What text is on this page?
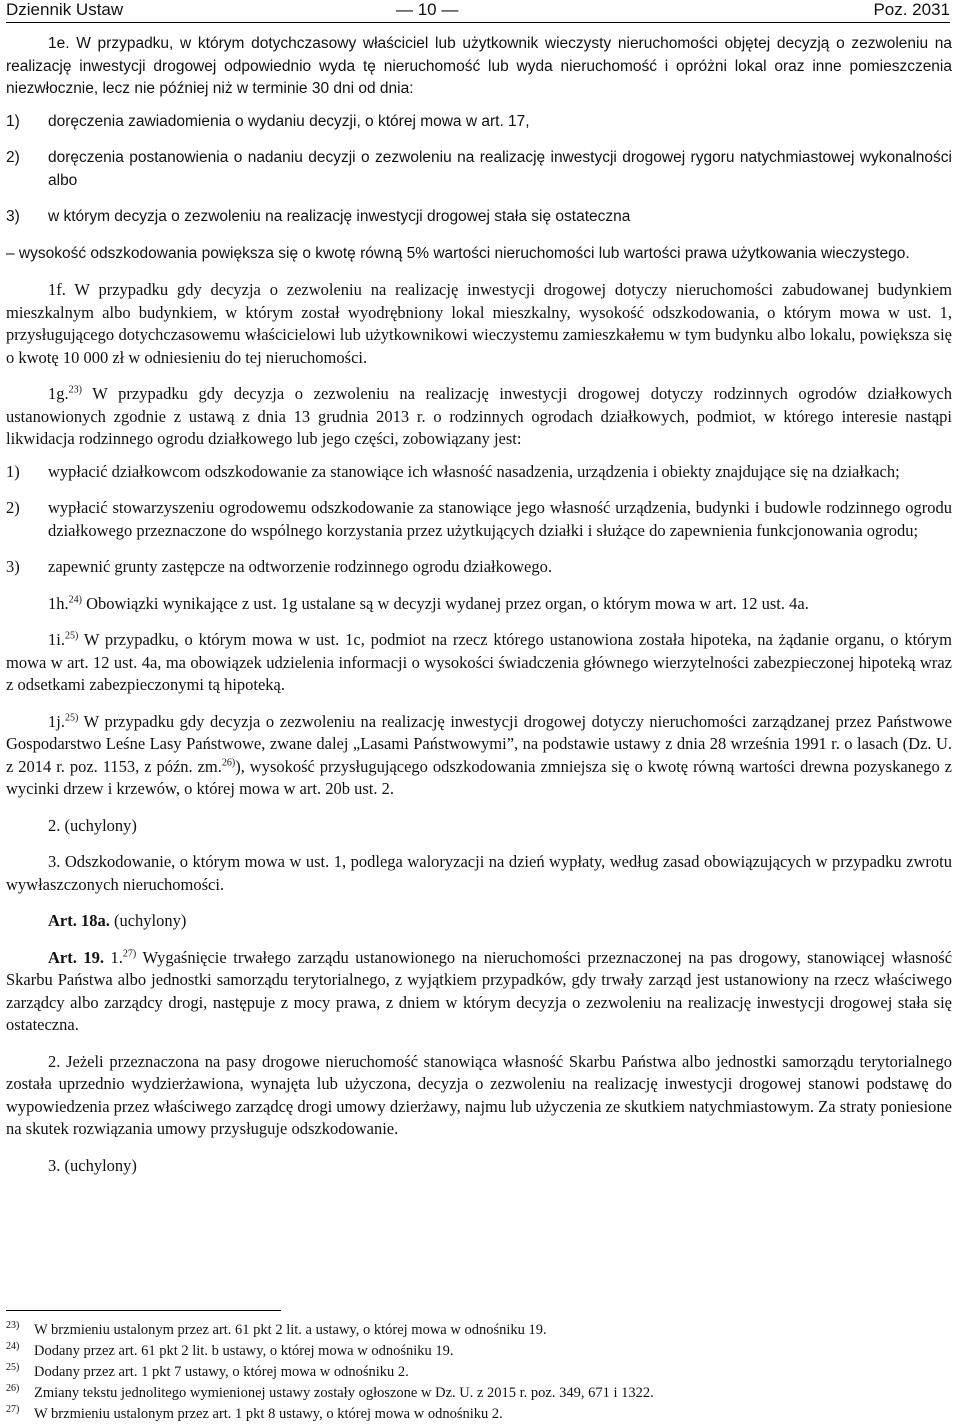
Dziennik Ustaw	— 10 —	Poz. 2031

1e. W przypadku, w którym dotychczasowy właściciel lub użytkownik wieczysty nieruchomości objętej decyzją o zezwoleniu na realizację inwestycji drogowej odpowiednio wyda tę nieruchomość lub wyda nieruchomość i opróżni lokal oraz inne pomieszczenia niezwłocznie, lecz nie później niż w terminie 30 dni od dnia:

1) doręczenia zawiadomienia o wydaniu decyzji, o której mowa w art. 17,
2) doręczenia postanowienia o nadaniu decyzji o zezwoleniu na realizację inwestycji drogowej rygoru natychmiastowej wykonalności albo
3) w którym decyzja o zezwoleniu na realizację inwestycji drogowej stała się ostateczna

– wysokość odszkodowania powiększa się o kwotę równą 5% wartości nieruchomości lub wartości prawa użytkowania wieczystego.

1f. W przypadku gdy decyzja o zezwoleniu na realizację inwestycji drogowej dotyczy nieruchomości zabudowanej budynkiem mieszkalnym albo budynkiem, w którym został wyodrębniony lokal mieszkalny, wysokość odszkodowania, o którym mowa w ust. 1, przysługującego dotychczasowemu właścicielowi lub użytkownikowi wieczystemu zamieszkałemu w tym budynku albo lokalu, powiększa się o kwotę 10 000 zł w odniesieniu do tej nieruchomości.

1g.$^{23)}$ W przypadku gdy decyzja o zezwoleniu na realizację inwestycji drogowej dotyczy rodzinnych ogrodów działkowych ustanowionych zgodnie z ustawą z dnia 13 grudnia 2013 r. o rodzinnych ogrodach działkowych, podmiot, w którego interesie nastąpi likwidacja rodzinnego ogrodu działkowego lub jego części, zobowiązany jest:

1) wypłacić działkowcom odszkodowanie za stanowiące ich własność nasadzenia, urządzenia i obiekty znajdujące się na działkach;
2) wypłacić stowarzyszeniu ogrodowemu odszkodowanie za stanowiące jego własność urządzenia, budynki i budowle rodzinnego ogrodu działkowego przeznaczone do wspólnego korzystania przez użytkujących działki i służące do zapewnienia funkcjonowania ogrodu;
3) zapewnić grunty zastępcze na odtworzenie rodzinnego ogrodu działkowego.

1h.$^{24)}$ Obowiązki wynikające z ust. 1g ustalane są w decyzji wydanej przez organ, o którym mowa w art. 12 ust. 4a.

1i.$^{25)}$ W przypadku, o którym mowa w ust. 1c, podmiot na rzecz którego ustanowiona została hipoteka, na żądanie organu, o którym mowa w art. 12 ust. 4a, ma obowiązek udzielenia informacji o wysokości świadczenia głównego wierzytelności zabezpieczonej hipoteką wraz z odsetkami zabezpieczonymi tą hipoteką.

1j.$^{25)}$ W przypadku gdy decyzja o zezwoleniu na realizację inwestycji drogowej dotyczy nieruchomości zarządzanej przez Państwowe Gospodarstwo Leśne Lasy Państwowe, zwane dalej „Lasami Państwowymi”, na podstawie ustawy z dnia 28 września 1991 r. o lasach (Dz. U. z 2014 r. poz. 1153, z późn. zm.$^{26)}$), wysokość przysługującego odszkodowania zmniejsza się o kwotę równą wartości drewna pozyskanego z wycinki drzew i krzewów, o której mowa w art. 20b ust. 2.

2. (uchylony)

3. Odszkodowanie, o którym mowa w ust. 1, podlega waloryzacji na dzień wypłaty, według zasad obowiązujących w przypadku zwrotu wywłaszczonych nieruchomości.

Art. 18a. (uchylony)

Art. 19. 1.$^{27)}$ Wygaśnięcie trwałego zarządu ustanowionego na nieruchomości przeznaczonej na pas drogowy, stanowiącej własność Skarbu Państwa albo jednostki samorządu terytorialnego, z wyjątkiem przypadków, gdy trwały zarząd jest ustanowiony na rzecz właściwego zarządcy albo zarządcy drogi, następuje z mocy prawa, z dniem w którym decyzja o zezwoleniu na realizację inwestycji drogowej stała się ostateczna.

2. Jeżeli przeznaczona na pasy drogowe nieruchomość stanowiąca własność Skarbu Państwa albo jednostki samorządu terytorialnego została uprzednio wydzierżawiona, wynajęta lub użyczona, decyzja o zezwoleniu na realizację inwestycji drogowej stanowi podstawę do wypowiedzenia przez właściwego zarządcę drogi umowy dzierżawy, najmu lub użyczenia ze skutkiem natychmiastowym. Za straty poniesione na skutek rozwiązania umowy przysługuje odszkodowanie.

3. (uchylony)

23) W brzmieniu ustalonym przez art. 61 pkt 2 lit. a ustawy, o której mowa w odnośniku 19.
24) Dodany przez art. 61 pkt 2 lit. b ustawy, o której mowa w odnośniku 19.
25) Dodany przez art. 1 pkt 7 ustawy, o której mowa w odnośniku 2.
26) Zmiany tekstu jednolitego wymienionej ustawy zostały ogłoszone w Dz. U. z 2015 r. poz. 349, 671 i 1322.
27) W brzmieniu ustalonym przez art. 1 pkt 8 ustawy, o której mowa w odnośniku 2.
